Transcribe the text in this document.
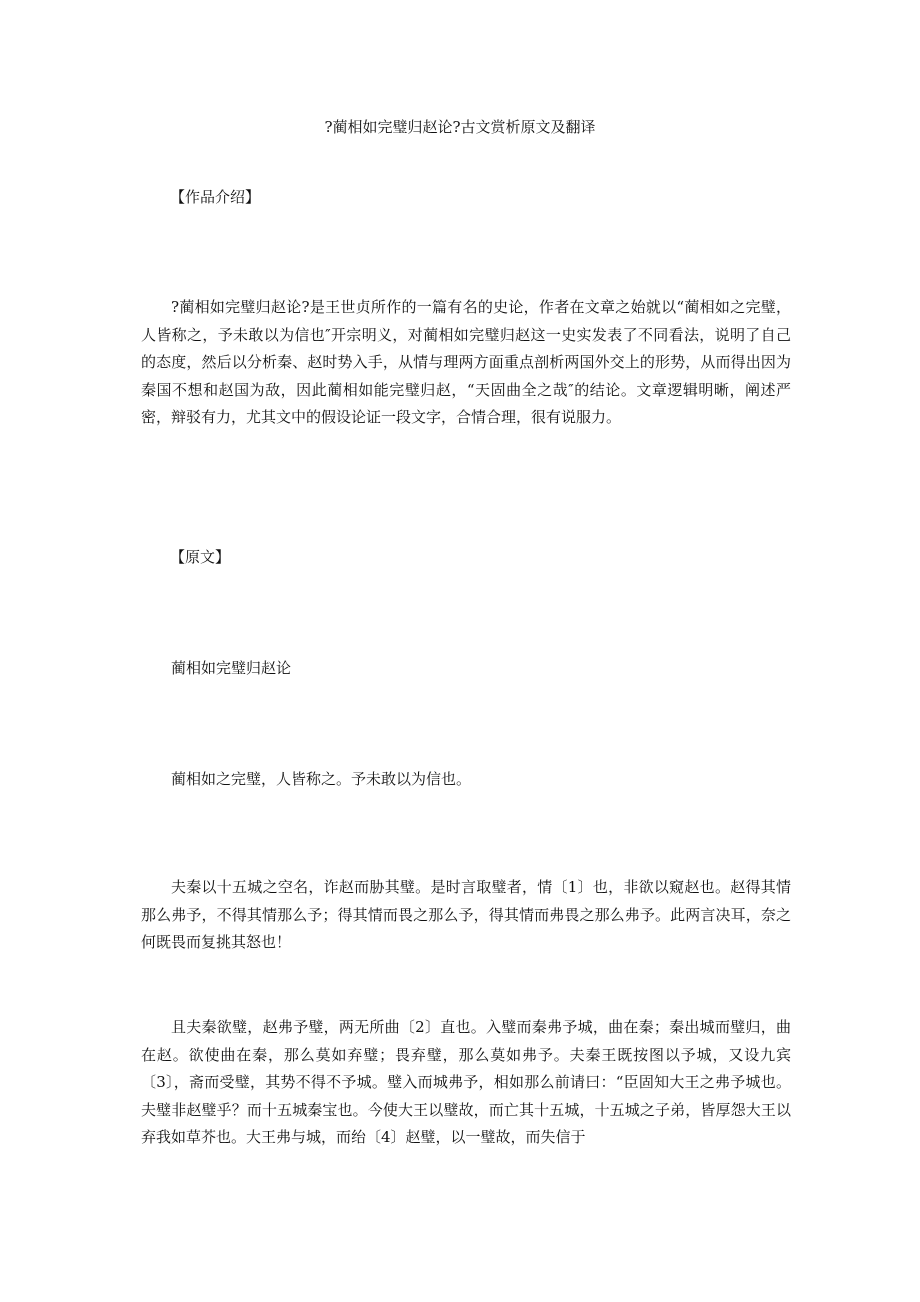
?蔺相如完璧归赵论?古文赏析原文及翻译
【作品介绍】
?蔺相如完璧归赵论?是王世贞所作的一篇有名的史论，作者在文章之始就以“蔺相如之完璧，人皆称之，予未敢以为信也″开宗明义，对蔺相如完璧归赵这一史实发表了不同看法，说明了自己的态度，然后以分析秦、赵时势入手，从情与理两方面重点剖析两国外交上的形势，从而得出因为秦国不想和赵国为敌，因此蔺相如能完璧归赵，“天固曲全之哉″的结论。文章逻辑明晰，阐述严密，辩驳有力，尤其文中的假设论证一段文字，合情合理，很有说服力。
【原文】
蔺相如完璧归赵论
蔺相如之完璧，人皆称之。予未敢以为信也。
夫秦以十五城之空名，诈赵而胁其璧。是时言取璧者，情〔1〕也，非欲以窥赵也。赵得其情那么弗予，不得其情那么予；得其情而畏之那么予，得其情而弗畏之那么弗予。此两言决耳，奈之何既畏而复挑其怒也！
且夫秦欲璧，赵弗予璧，两无所曲〔2〕直也。入璧而秦弗予城，曲在秦；秦出城而璧归，曲在赵。欲使曲在秦，那么莫如弃璧；畏弃璧，那么莫如弗予。夫秦王既按图以予城，又设九宾〔3〕，斋而受璧，其势不得不予城。璧入而城弗予，相如那么前请曰：“臣固知大王之弗予城也。夫璧非赵璧乎？而十五城秦宝也。今使大王以璧故，而亡其十五城，十五城之子弟，皆厚怨大王以弃我如草芥也。大王弗与城，而绐〔4〕赵璧，以一璧故，而失信于
